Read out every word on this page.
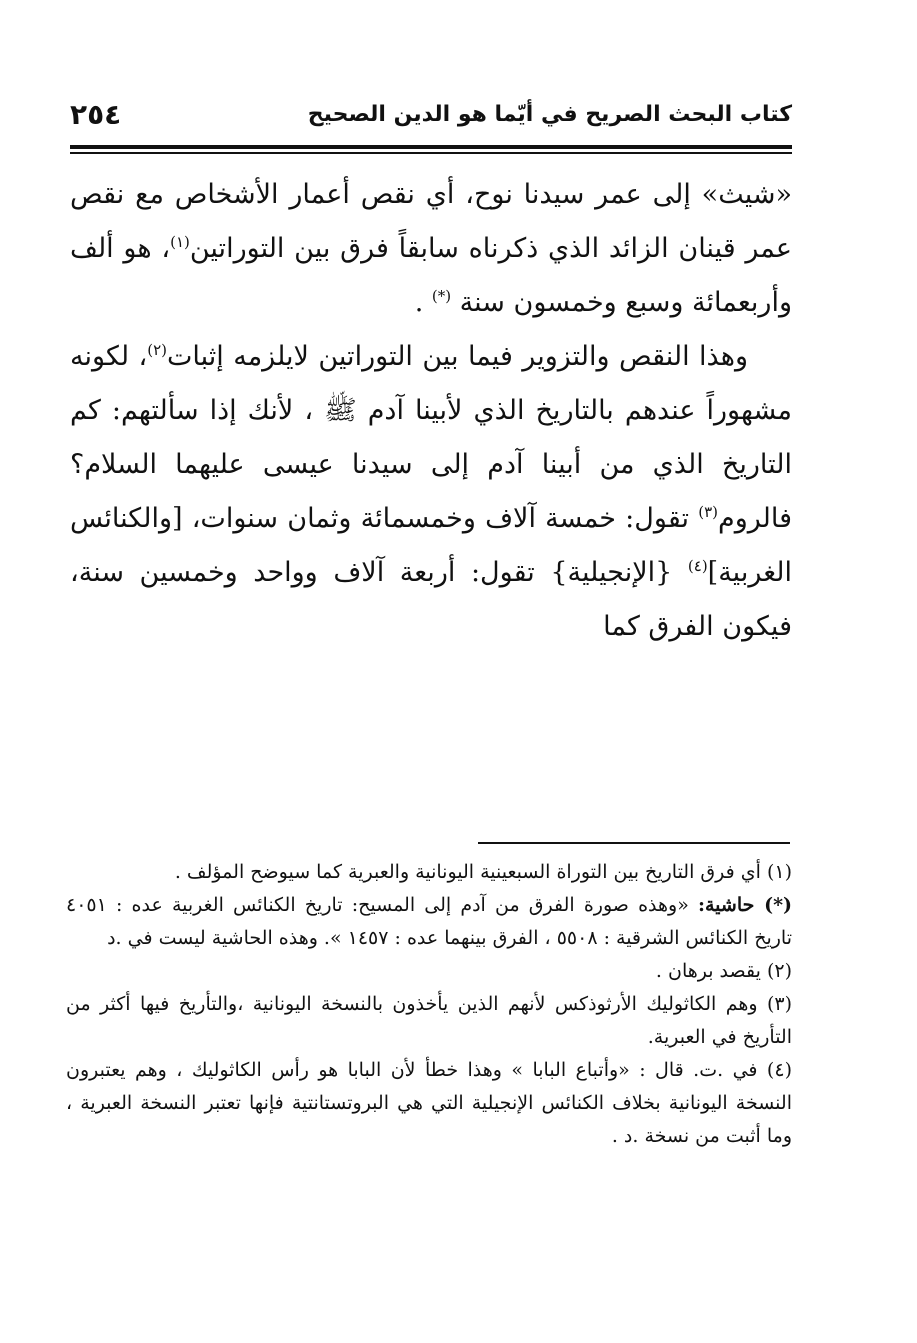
كتاب البحث الصريح في أيّما هو الدين الصحيح
٢٥٤

«شيث» إلى عمر سيدنا نوح، أي نقص أعمار الأشخاص مع نقص عمر قينان الزائد الذي ذكرناه سابقاً فرق بين التوراتين$^{(١)}$، هو ألف وأربعمائة وسبع وخمسون سنة (*) .

وهذا النقص والتزوير فيما بين التوراتين لايلزمه إثبات$^{(٢)}$، لكونه مشهوراً عندهم بالتاريخ الذي لأبينا آدم ﷺ ، لأنك إذا سألتهم: كم التاريخ الذي من أبينا آدم إلى سيدنا عيسى عليهما السلام؟ فالروم$^{(٣)}$ تقول: خمسة آلاف وخمسمائة وثمان سنوات، [والكنائس الغربية]$^{(٤)}$ {الإنجيلية} تقول: أربعة آلاف وواحد وخمسين سنة، فيكون الفرق كما

(١) أي فرق التاريخ بين التوراة السبعينية اليونانية والعبرية كما سيوضح المؤلف .

(*) حاشية: «وهذه صورة الفرق من آدم إلى المسيح: تاريخ الكنائس الغربية عده : ٤٠٥١ تاريخ الكنائس الشرقية : ٥٥٠٨ ، الفرق بينهما عده : ١٤٥٧ ». وهذه الحاشية ليست في .د

(٢) يقصد برهان .

(٣) وهم الكاثوليك الأرثوذكس لأنهم الذين يأخذون بالنسخة اليونانية ،والتأريخ فيها أكثر من التأريخ في العبرية.

(٤) في .ت. قال : «وأتباع البابا » وهذا خطأ لأن البابا هو رأس الكاثوليك ، وهم يعتبرون النسخة اليونانية بخلاف الكنائس الإنجيلية التي هي البروتستانتية فإنها تعتبر النسخة العبرية ، وما أثبت من نسخة .د .
